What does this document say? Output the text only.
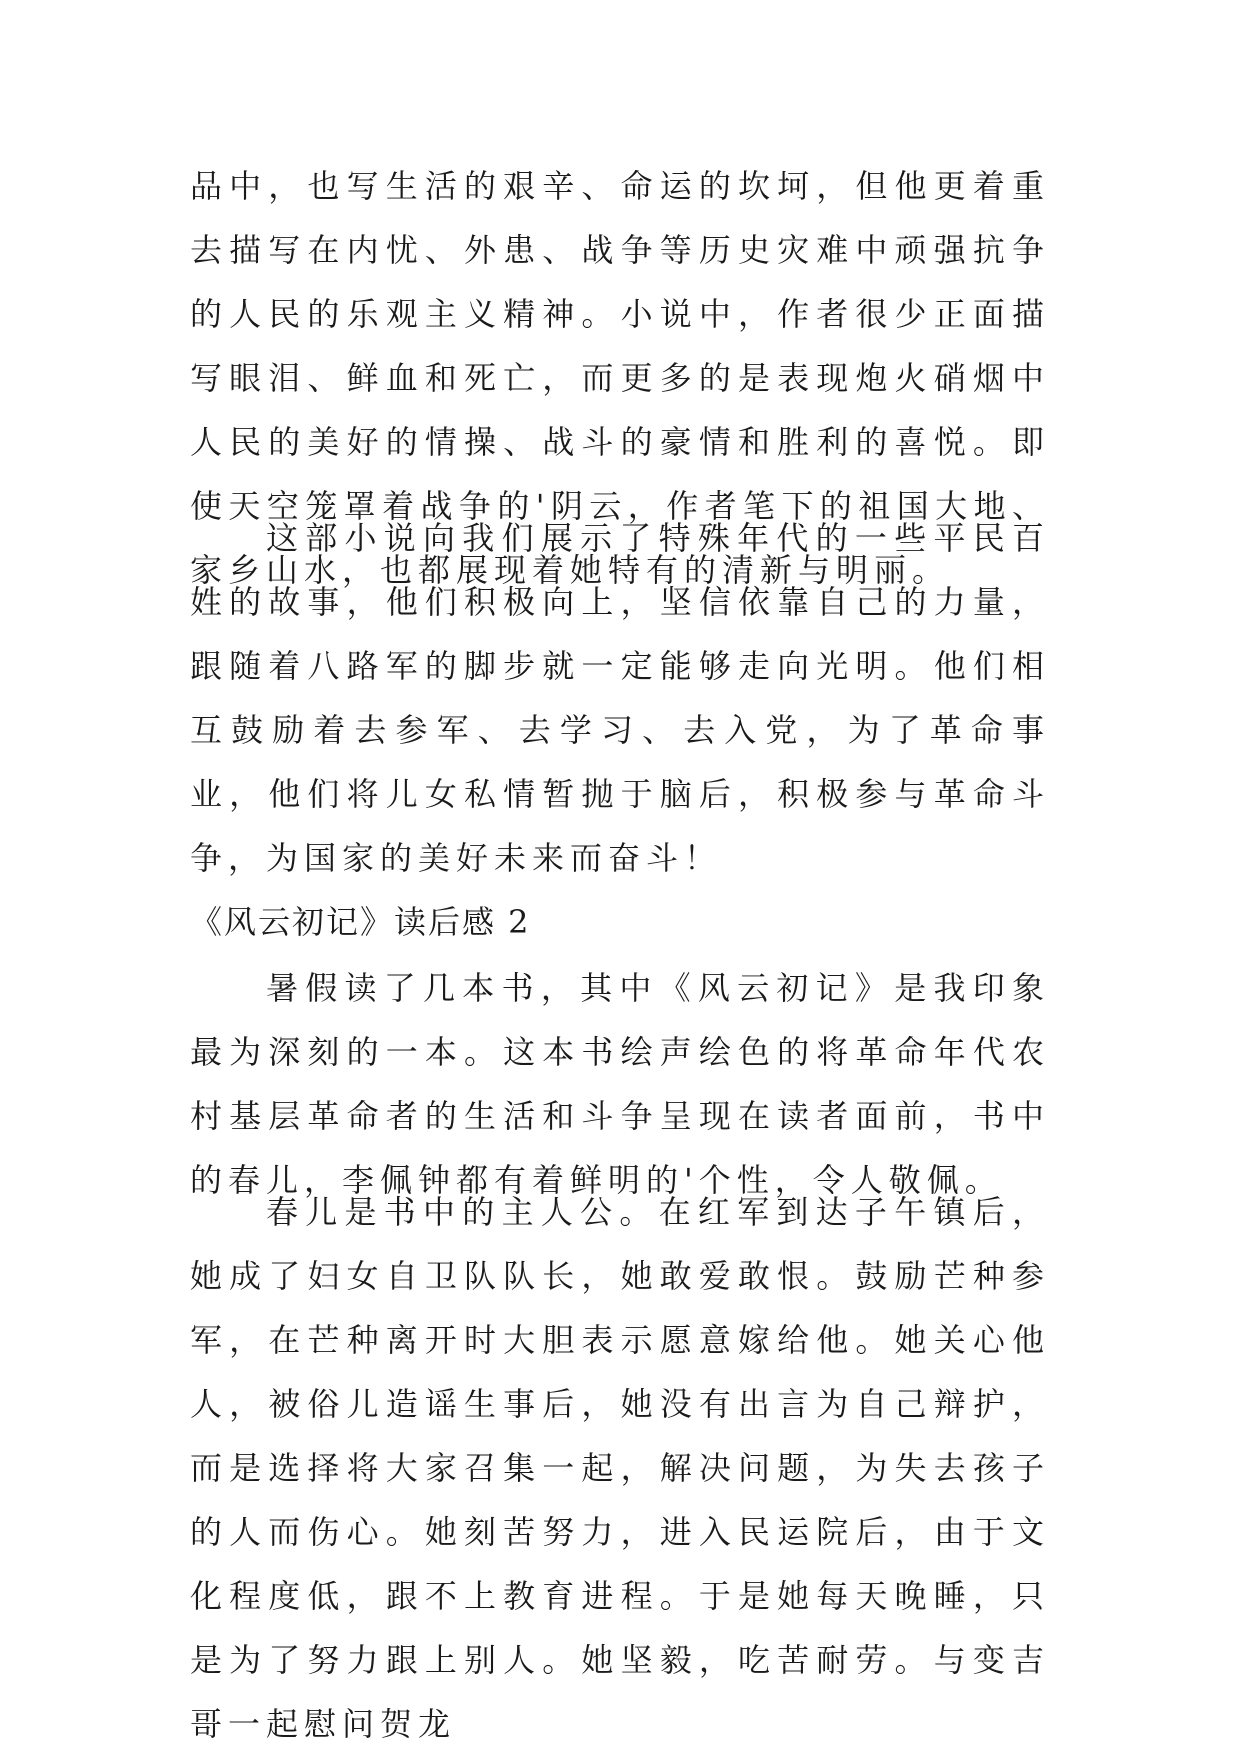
品中，也写生活的艰辛、命运的坎坷，但他更着重去描写在内忧、外患、战争等历史灾难中顽强抗争的人民的乐观主义精神。小说中，作者很少正面描写眼泪、鲜血和死亡，而更多的是表现炮火硝烟中人民的美好的情操、战斗的豪情和胜利的喜悦。即使天空笼罩着战争的'阴云，作者笔下的祖国大地、家乡山水，也都展现着她特有的清新与明丽。

这部小说向我们展示了特殊年代的一些平民百姓的故事，他们积极向上，坚信依靠自己的力量，跟随着八路军的脚步就一定能够走向光明。他们相互鼓励着去参军、去学习、去入党，为了革命事业，他们将儿女私情暂抛于脑后，积极参与革命斗争，为国家的美好未来而奋斗！

《风云初记》读后感 2

暑假读了几本书，其中《风云初记》是我印象最为深刻的一本。这本书绘声绘色的将革命年代农村基层革命者的生活和斗争呈现在读者面前，书中的春儿，李佩钟都有着鲜明的'个性，令人敬佩。

春儿是书中的主人公。在红军到达子午镇后，她成了妇女自卫队队长，她敢爱敢恨。鼓励芒种参军，在芒种离开时大胆表示愿意嫁给他。她关心他人，被俗儿造谣生事后，她没有出言为自己辩护，而是选择将大家召集一起，解决问题，为失去孩子的人而伤心。她刻苦努力，进入民运院后，由于文化程度低，跟不上教育进程。于是她每天晚睡，只是为了努力跟上别人。她坚毅，吃苦耐劳。与变吉哥一起慰问贺龙
